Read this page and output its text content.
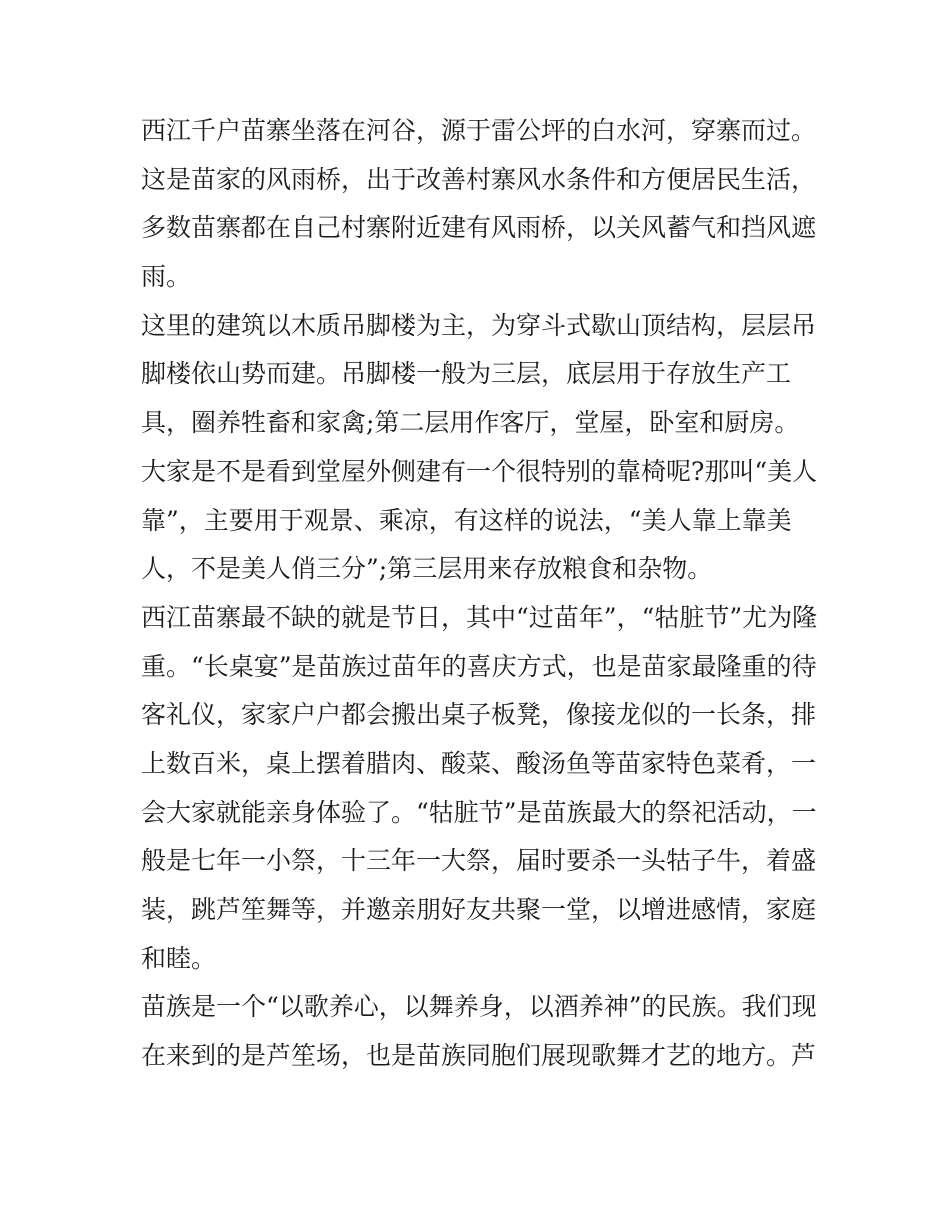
西江千户苗寨坐落在河谷，源于雷公坪的白水河，穿寨而过。
这是苗家的风雨桥，出于改善村寨风水条件和方便居民生活，
多数苗寨都在自己村寨附近建有风雨桥，以关风蓄气和挡风遮
雨。
这里的建筑以木质吊脚楼为主，为穿斗式歇山顶结构，层层吊
脚楼依山势而建。吊脚楼一般为三层，底层用于存放生产工
具，圈养牲畜和家禽;第二层用作客厅，堂屋，卧室和厨房。
大家是不是看到堂屋外侧建有一个很特别的靠椅呢?那叫“美人
靠”，主要用于观景、乘凉，有这样的说法，“美人靠上靠美
人，不是美人俏三分”;第三层用来存放粮食和杂物。
西江苗寨最不缺的就是节日，其中“过苗年”，“牯脏节”尤为隆
重。“长桌宴”是苗族过苗年的喜庆方式，也是苗家最隆重的待
客礼仪，家家户户都会搬出桌子板凳，像接龙似的一长条，排
上数百米，桌上摆着腊肉、酸菜、酸汤鱼等苗家特色菜肴，一
会大家就能亲身体验了。“牯脏节”是苗族最大的祭祀活动，一
般是七年一小祭，十三年一大祭，届时要杀一头牯子牛，着盛
装，跳芦笙舞等，并邀亲朋好友共聚一堂，以增进感情，家庭
和睦。
苗族是一个“以歌养心，以舞养身，以酒养神”的民族。我们现
在来到的是芦笙场，也是苗族同胞们展现歌舞才艺的地方。芦
